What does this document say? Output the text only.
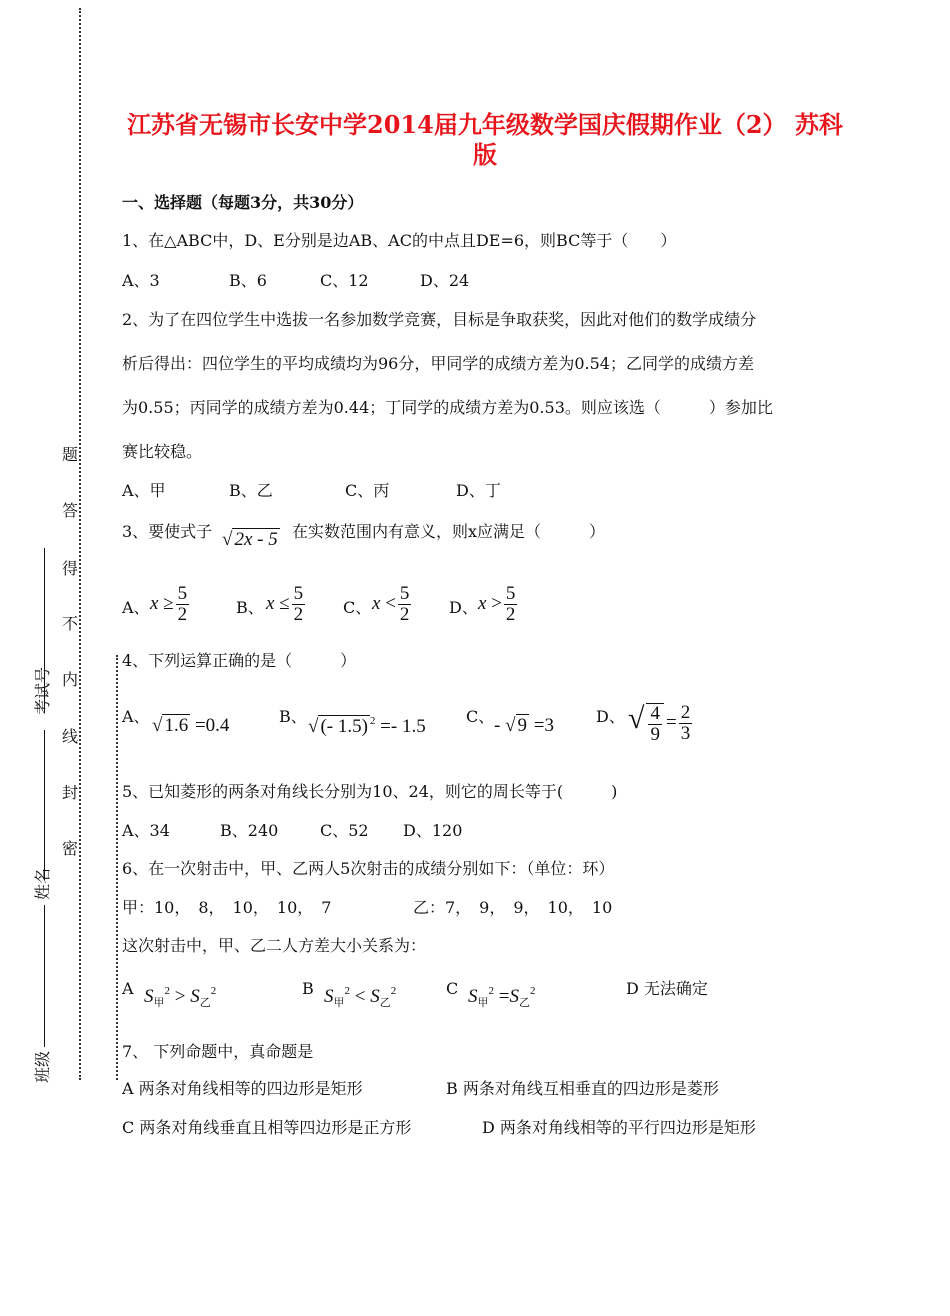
考试号
姓名
班级
题
答
得
不
内
线
封
密
江苏省无锡市长安中学2014届九年级数学国庆假期作业（2） 苏科
版
一、选择题（每题3分，共30分）
1、在△ABC中，D、E分别是边AB、AC的中点且DE=6，则BC等于（　　）
A、3	B、6	C、12	D、24
2、为了在四位学生中选拔一名参加数学竞赛，目标是争取获奖，因此对他们的数学成绩分
析后得出：四位学生的平均成绩均为96分，甲同学的成绩方差为0.54；乙同学的成绩方差
为0.55；丙同学的成绩方差为0.44；丁同学的成绩方差为0.53。则应该选（　　　）参加比
赛比较稳。
A、甲	B、乙	C、丙	D、丁
3、要使式子 √ 2x - 5 在实数范围内有意义，则x应满足（　　　）
A、 $x \ge \frac{5}{2}$	B、 $x \le \frac{5}{2}$ C、 $x < \frac{5}{2}$ D、 $x > \frac{5}{2}$
4、下列运算正确的是（　　　）
A、 √ 1.6 =0.4	B、 √ (- 1.5) $^2$ =- 1.5	C、 - √ 9 =3	D、 √ $\frac{4}{9} = \frac{2}{3}$
5、已知菱形的两条对角线长分别为10、24，则它的周长等于(　　　)
A、34	B、240	C、52 D、120
6、在一次射击中，甲、乙两人5次射击的成绩分别如下：（单位：环）
甲：10，　8，　10，　10，　7	乙：7，　9，　9，　10，　10
这次射击中，甲、乙二人方差大小关系为：
A $S_甲^2 > S_乙^2$	B $S_甲^2 < S_乙^2$	C $S_甲^2 =S_乙^2$	D 无法确定
7、 下列命题中，真命题是
A 两条对角线相等的四边形是矩形	B 两条对角线互相垂直的四边形是菱形
C 两条对角线垂直且相等四边形是正方形	D 两条对角线相等的平行四边形是矩形
